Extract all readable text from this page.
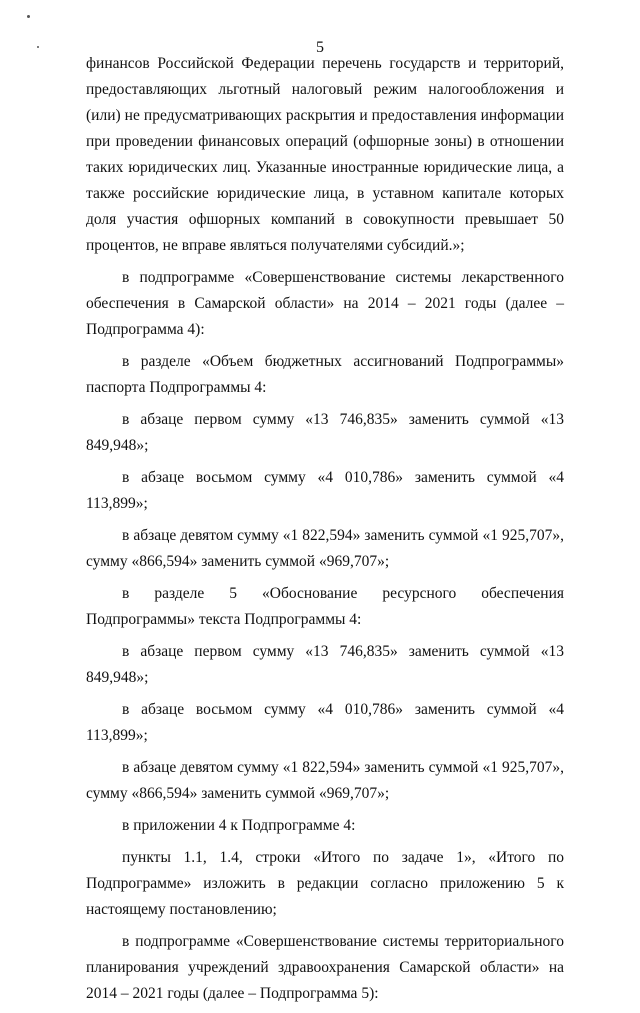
5

финансов Российской Федерации перечень государств и территорий, предоставляющих льготный налоговый режим налогообложения и (или) не предусматривающих раскрытия и предоставления информации при проведении финансовых операций (офшорные зоны) в отношении таких юридических лиц. Указанные иностранные юридические лица, а также российские юридические лица, в уставном капитале которых доля участия офшорных компаний в совокупности превышает 50 процентов, не вправе являться получателями субсидий.»;

в подпрограмме «Совершенствование системы лекарственного обеспечения в Самарской области» на 2014 – 2021 годы (далее – Подпрограмма 4):

в разделе «Объем бюджетных ассигнований Подпрограммы» паспорта Подпрограммы 4:

в абзаце первом сумму «13 746,835» заменить суммой «13 849,948»;

в абзаце восьмом сумму «4 010,786» заменить суммой «4 113,899»;

в абзаце девятом сумму «1 822,594» заменить суммой «1 925,707», сумму «866,594» заменить суммой «969,707»;

в разделе 5 «Обоснование ресурсного обеспечения Подпрограммы» текста Подпрограммы 4:

в абзаце первом сумму «13 746,835» заменить суммой «13 849,948»;

в абзаце восьмом сумму «4 010,786» заменить суммой «4 113,899»;

в абзаце девятом сумму «1 822,594» заменить суммой «1 925,707», сумму «866,594» заменить суммой «969,707»;

в приложении 4 к Подпрограмме 4:

пункты 1.1, 1.4, строки «Итого по задаче 1», «Итого по Подпрограмме» изложить в редакции согласно приложению 5 к настоящему постановлению;

в подпрограмме «Совершенствование системы территориального планирования учреждений здравоохранения Самарской области» на 2014 – 2021 годы (далее – Подпрограмма 5):
